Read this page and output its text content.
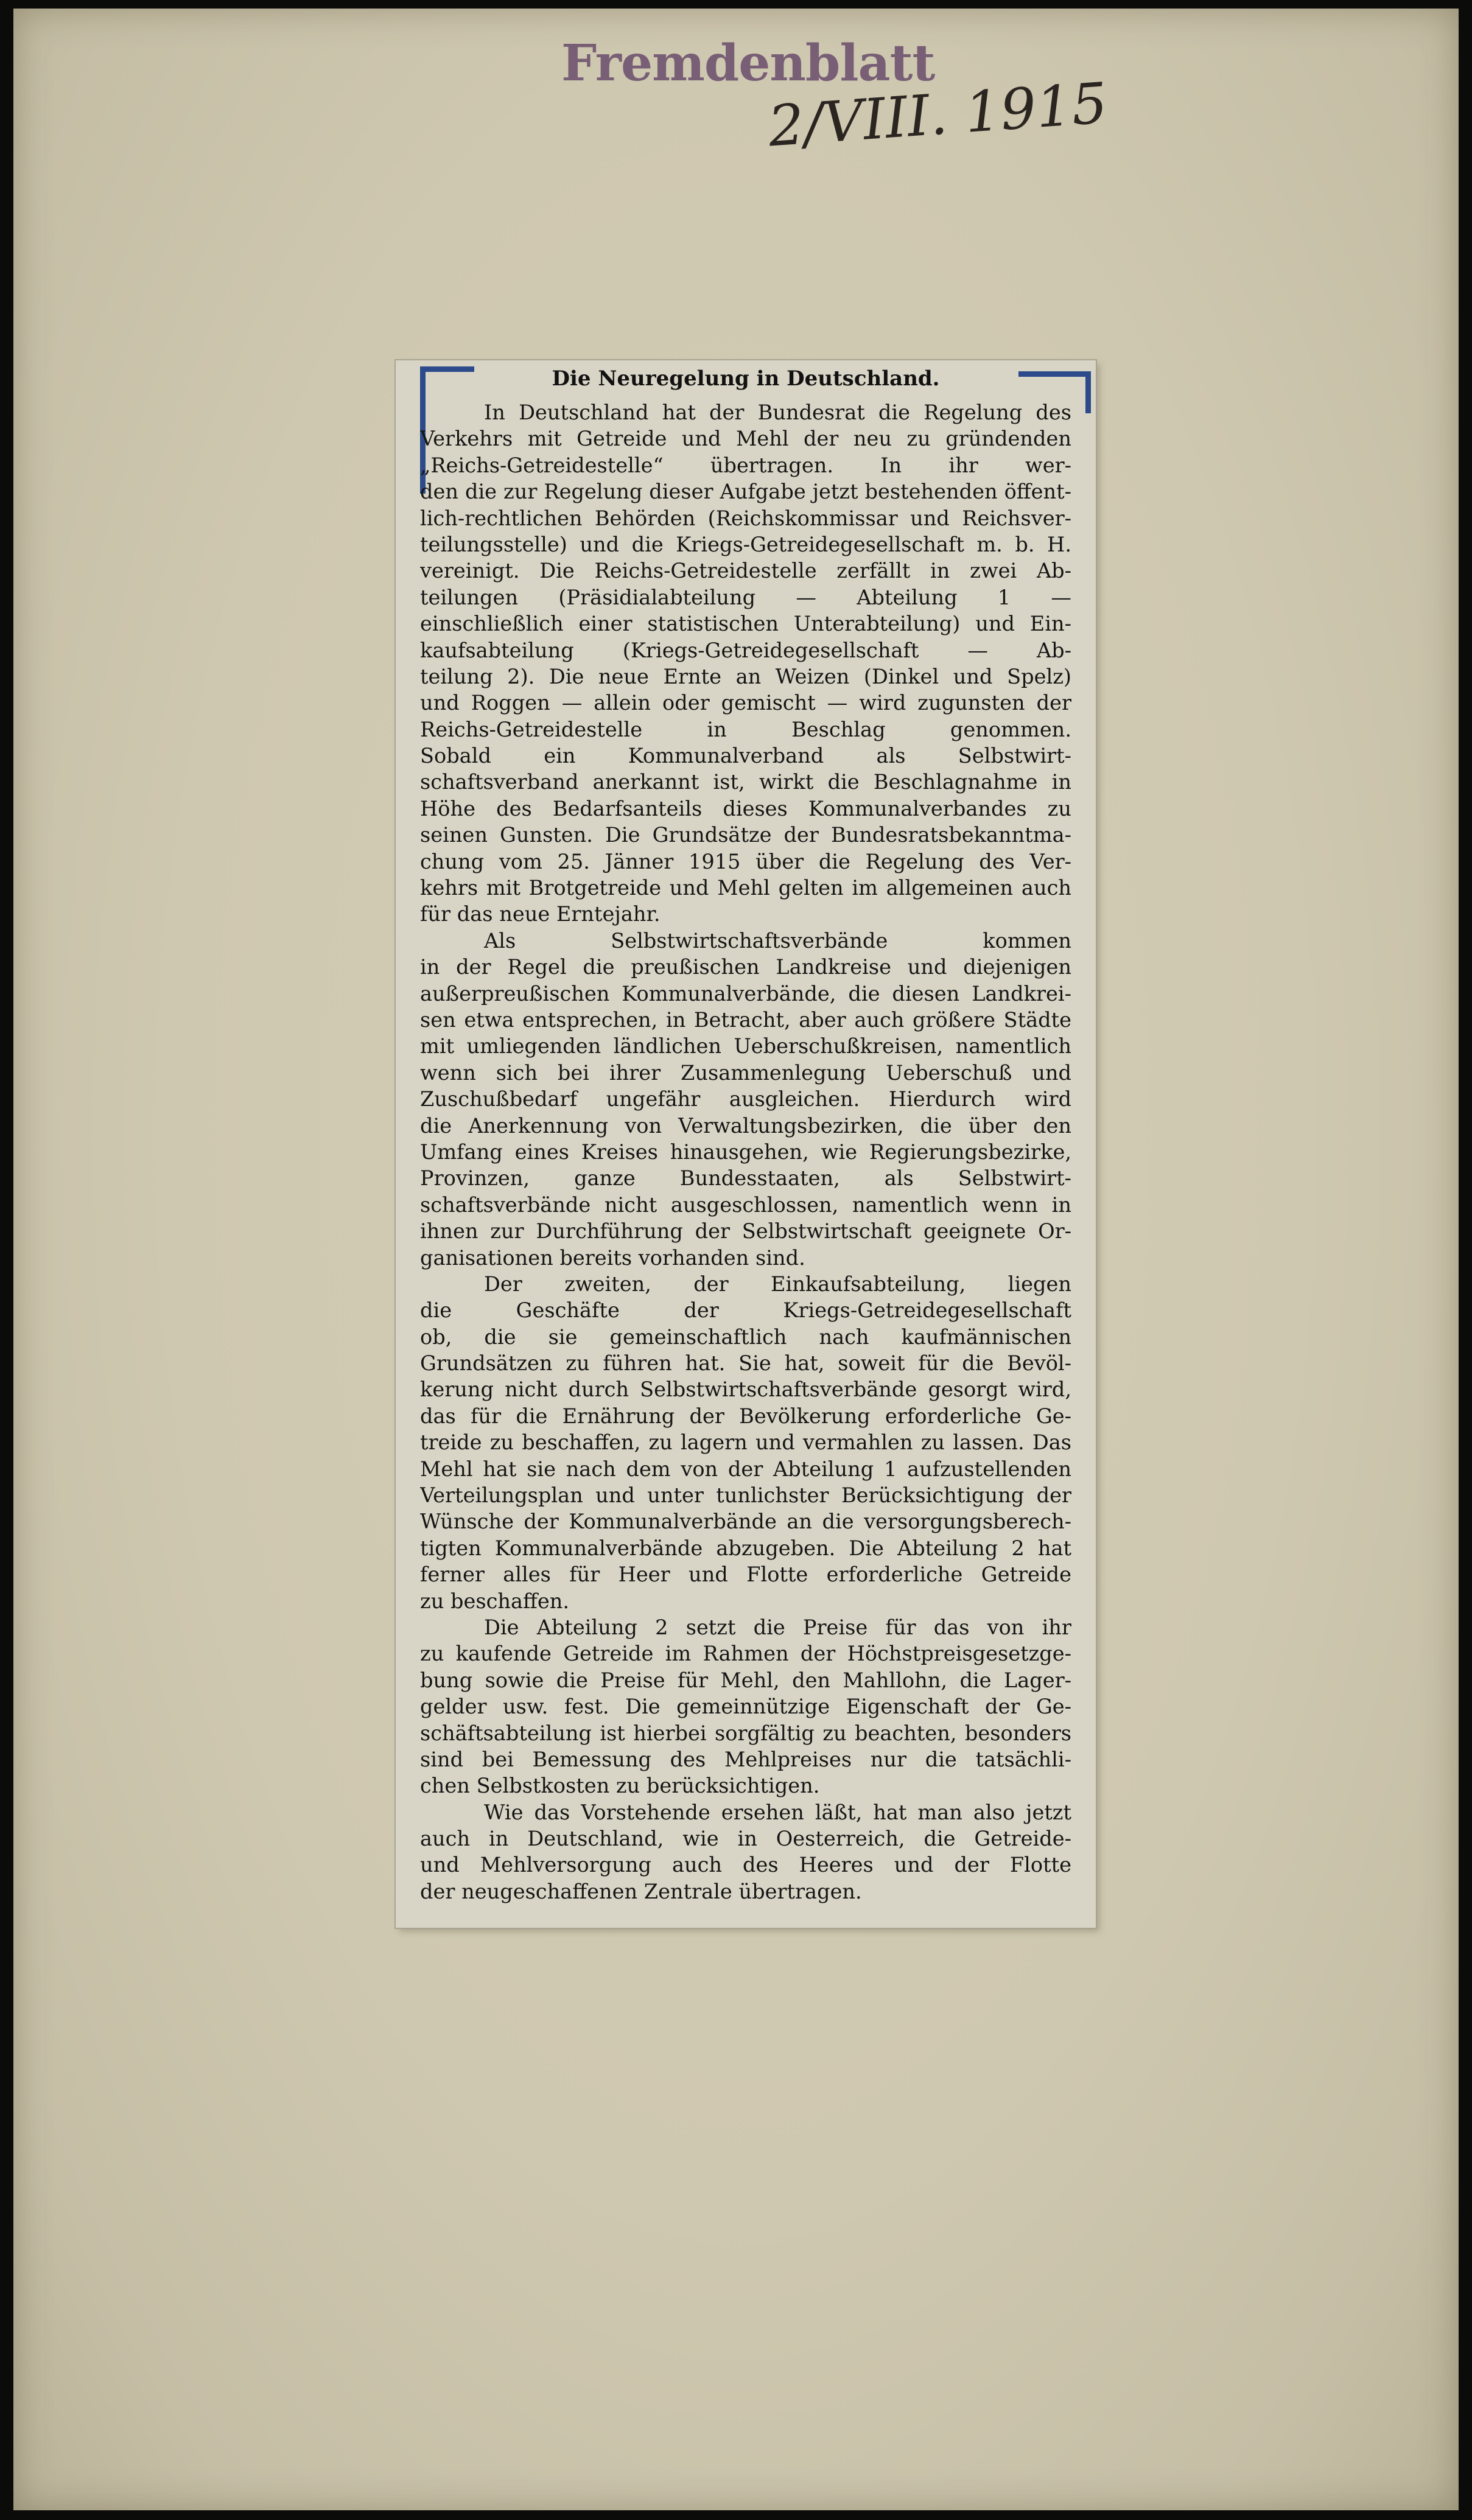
Fremdenblatt
2/VIII. 1915
Die Neuregelung in Deutschland.
In Deutschland hat der Bundesrat die Regelung des
Verkehrs mit Getreide und Mehl der neu zu gründenden
„Reichs-Getreidestelle“ übertragen. In ihr wer-
den die zur Regelung dieser Aufgabe jetzt bestehenden öffent-
lich-rechtlichen Behörden (Reichskommissar und Reichsver-
teilungsstelle) und die Kriegs-Getreidegesellschaft m. b. H.
vereinigt. Die Reichs-Getreidestelle zerfällt in zwei Ab-
teilungen (Präsidialabteilung — Abteilung 1 —
einschließlich einer statistischen Unterabteilung) und Ein-
kaufsabteilung (Kriegs-Getreidegesellschaft — Ab-
teilung 2). Die neue Ernte an Weizen (Dinkel und Spelz)
und Roggen — allein oder gemischt — wird zugunsten der
Reichs-Getreidestelle in Beschlag genommen.
Sobald ein Kommunalverband als Selbstwirt-
schaftsverband anerkannt ist, wirkt die Beschlagnahme in
Höhe des Bedarfsanteils dieses Kommunalverbandes zu
seinen Gunsten. Die Grundsätze der Bundesratsbekanntma-
chung vom 25. Jänner 1915 über die Regelung des Ver-
kehrs mit Brotgetreide und Mehl gelten im allgemeinen auch
für das neue Erntejahr.
Als Selbstwirtschaftsverbände kommen
in der Regel die preußischen Landkreise und diejenigen
außerpreußischen Kommunalverbände, die diesen Landkrei-
sen etwa entsprechen, in Betracht, aber auch größere Städte
mit umliegenden ländlichen Ueberschußkreisen, namentlich
wenn sich bei ihrer Zusammenlegung Ueberschuß und
Zuschußbedarf ungefähr ausgleichen. Hierdurch wird
die Anerkennung von Verwaltungsbezirken, die über den
Umfang eines Kreises hinausgehen, wie Regierungsbezirke,
Provinzen, ganze Bundesstaaten, als Selbstwirt-
schaftsverbände nicht ausgeschlossen, namentlich wenn in
ihnen zur Durchführung der Selbstwirtschaft geeignete Or-
ganisationen bereits vorhanden sind.
Der zweiten, der Einkaufsabteilung, liegen
die Geschäfte der Kriegs-Getreidegesellschaft
ob, die sie gemeinschaftlich nach kaufmännischen
Grundsätzen zu führen hat. Sie hat, soweit für die Bevöl-
kerung nicht durch Selbstwirtschaftsverbände gesorgt wird,
das für die Ernährung der Bevölkerung erforderliche Ge-
treide zu beschaffen, zu lagern und vermahlen zu lassen. Das
Mehl hat sie nach dem von der Abteilung 1 aufzustellenden
Verteilungsplan und unter tunlichster Berücksichtigung der
Wünsche der Kommunalverbände an die versorgungsberech-
tigten Kommunalverbände abzugeben. Die Abteilung 2 hat
ferner alles für Heer und Flotte erforderliche Getreide
zu beschaffen.
Die Abteilung 2 setzt die Preise für das von ihr
zu kaufende Getreide im Rahmen der Höchstpreisgesetzge-
bung sowie die Preise für Mehl, den Mahllohn, die Lager-
gelder usw. fest. Die gemeinnützige Eigenschaft der Ge-
schäftsabteilung ist hierbei sorgfältig zu beachten, besonders
sind bei Bemessung des Mehlpreises nur die tatsächli-
chen Selbstkosten zu berücksichtigen.
Wie das Vorstehende ersehen läßt, hat man also jetzt
auch in Deutschland, wie in Oesterreich, die Getreide-
und Mehlversorgung auch des Heeres und der Flotte
der neugeschaffenen Zentrale übertragen.
